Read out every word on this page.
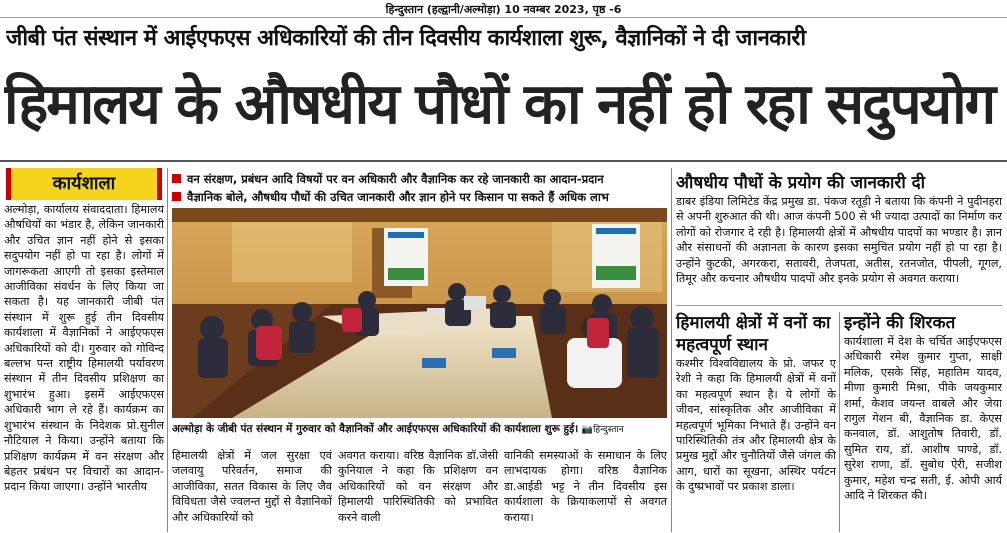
हिन्दुस्तान (हल्द्वानी/अल्मोड़ा) 10 नवम्बर 2023, पृष्ठ -6
जीबी पंत संस्थान में आईएफएस अधिकारियों की तीन दिवसीय कार्यशाला शुरू, वैज्ञानिकों ने दी जानकारी
हिमालय के औषधीय पौधों का नहीं हो रहा सदुपयोग
कार्यशाला

अल्मोड़ा, कार्यालय संवाददाता। हिमालय औषधियों का भंडार है, लेकिन जानकारी और उचित ज्ञान नहीं होने से इसका सदुपयोग नहीं हो पा रहा है। लोगों में जागरूकता आएगी तो इसका इस्तेमाल आजीविका संवर्धन के लिए किया जा सकता है। यह जानकारी जीबी पंत संस्थान में शुरू हुई तीन दिवसीय कार्यशाला में वैज्ञानिकों ने आईएफएस अधिकारियों को दी। गुरुवार को गोविन्द बल्लभ पन्त राष्ट्रीय हिमालयी पर्यावरण संस्थान में तीन दिवसीय प्रशिक्षण का शुभारंभ हुआ। इसमें आईएफएस अधिकारी भाग ले रहे हैं। कार्यक्रम का शुभारंभ संस्थान के निदेशक प्रो.सुनील नौटियाल ने किया। उन्होंने बताया कि प्रशिक्षण कार्यक्रम में वन संरक्षण और बेहतर प्रबंधन पर विचारों का आदान-प्रदान किया जाएगा। उन्होंने भारतीय

वन संरक्षण, प्रबंधन आदि विषयों पर वन अधिकारी और वैज्ञानिक कर रहे जानकारी का आदान-प्रदान
वैज्ञानिक बोले, औषधीय पौधों की उचित जानकारी और ज्ञान होने पर किसान पा सकते हैं अधिक लाभ
अल्मोड़ा के जीबी पंत संस्थान में गुरुवार को वैज्ञानिकों और आईएफएस अधिकारियों की कार्यशाला शुरू हुई। 📷हिन्दुस्तान
हिमालयी क्षेत्रों में जल सुरक्षा एवं जलवायु परिवर्तन, समाज की आजीविका, सतत विकास के लिए जैव विविधता जैसे ज्वलन्त मुद्दों से वैज्ञानिकों और अधिकारियों को
अवगत कराया। वरिष्ठ वैज्ञानिक डॉ.जेसी कुनियाल ने कहा कि प्रशिक्षण वन अधिकारियों को वन संरक्षण और हिमालयी पारिस्थितिकी को प्रभावित करने वाली
वानिकी समस्याओं के समाधान के लिए लाभदायक होगा। वरिष्ठ वैज्ञानिक डा.आईडी भट्ट ने तीन दिवसीय इस कार्यशाला के क्रियाकलापों से अवगत कराया।
औषधीय पौधों के प्रयोग की जानकारी दी

डाबर इंडिया लिमिटेड केंद्र प्रमुख डा. पंकज रतूड़ी ने बताया कि कंपनी ने पुदीनहरा से अपनी शुरुआत की थी। आज कंपनी 500 से भी ज्यादा उत्पादों का निर्माण कर लोगों को रोजगार दे रही है। हिमालयी क्षेत्रों में औषधीय पादपों का भण्डार है। ज्ञान और संसाधनों की अज्ञानता के कारण इसका समुचित प्रयोग नहीं हो पा रहा है। उन्होंने कुटकी, अगरकरा, सतावरी, तेजपता, अतीस, रतनजोत, पीपली, गूगल, तिमूर और कचनार औषधीय पादपों और इनके प्रयोग से अवगत कराया।

हिमालयी क्षेत्रों में वनों का महत्वपूर्ण स्थान

कश्मीर विश्वविद्यालय के प्रो. जफर ए रेशी ने कहा कि हिमालयी क्षेत्रों में वनों का महत्वपूर्ण स्थान है। ये लोगों के जीवन, सांस्कृतिक और आजीविका में महत्वपूर्ण भूमिका निभाते हैं। उन्होंने वन पारिस्थितिकी तंत्र और हिमालयी क्षेत्र के प्रमुख मुद्दों और चुनौतियों जैसे जंगल की आग, धारों का सूखना, अस्थिर पर्यटन के दुष्प्रभावों पर प्रकाश डाला।

इन्होंने की शिरकत

कार्यशाला में देश के चर्चित आईएफएस अधिकारी रमेश कुमार गुप्ता, साक्षी मलिक, एसके सिंह, महातिम यादव, मीणा कुमारी मिश्रा, पीके जयकुमार शर्मा, केशव जयन्त वाबले और जेया रागुल गेशन बी, वैज्ञानिक डा. केएस कनवाल, डॉ. आशुतोष तिवारी, डॉ. सुमित राय, डॉ. आशीष पाण्डे, डॉ. सुरेश राणा, डॉ. सुबोध ऐरी, सजीश कुमार, महेश चन्द्र सती, ई. ओपी आर्य आदि ने शिरकत की।
